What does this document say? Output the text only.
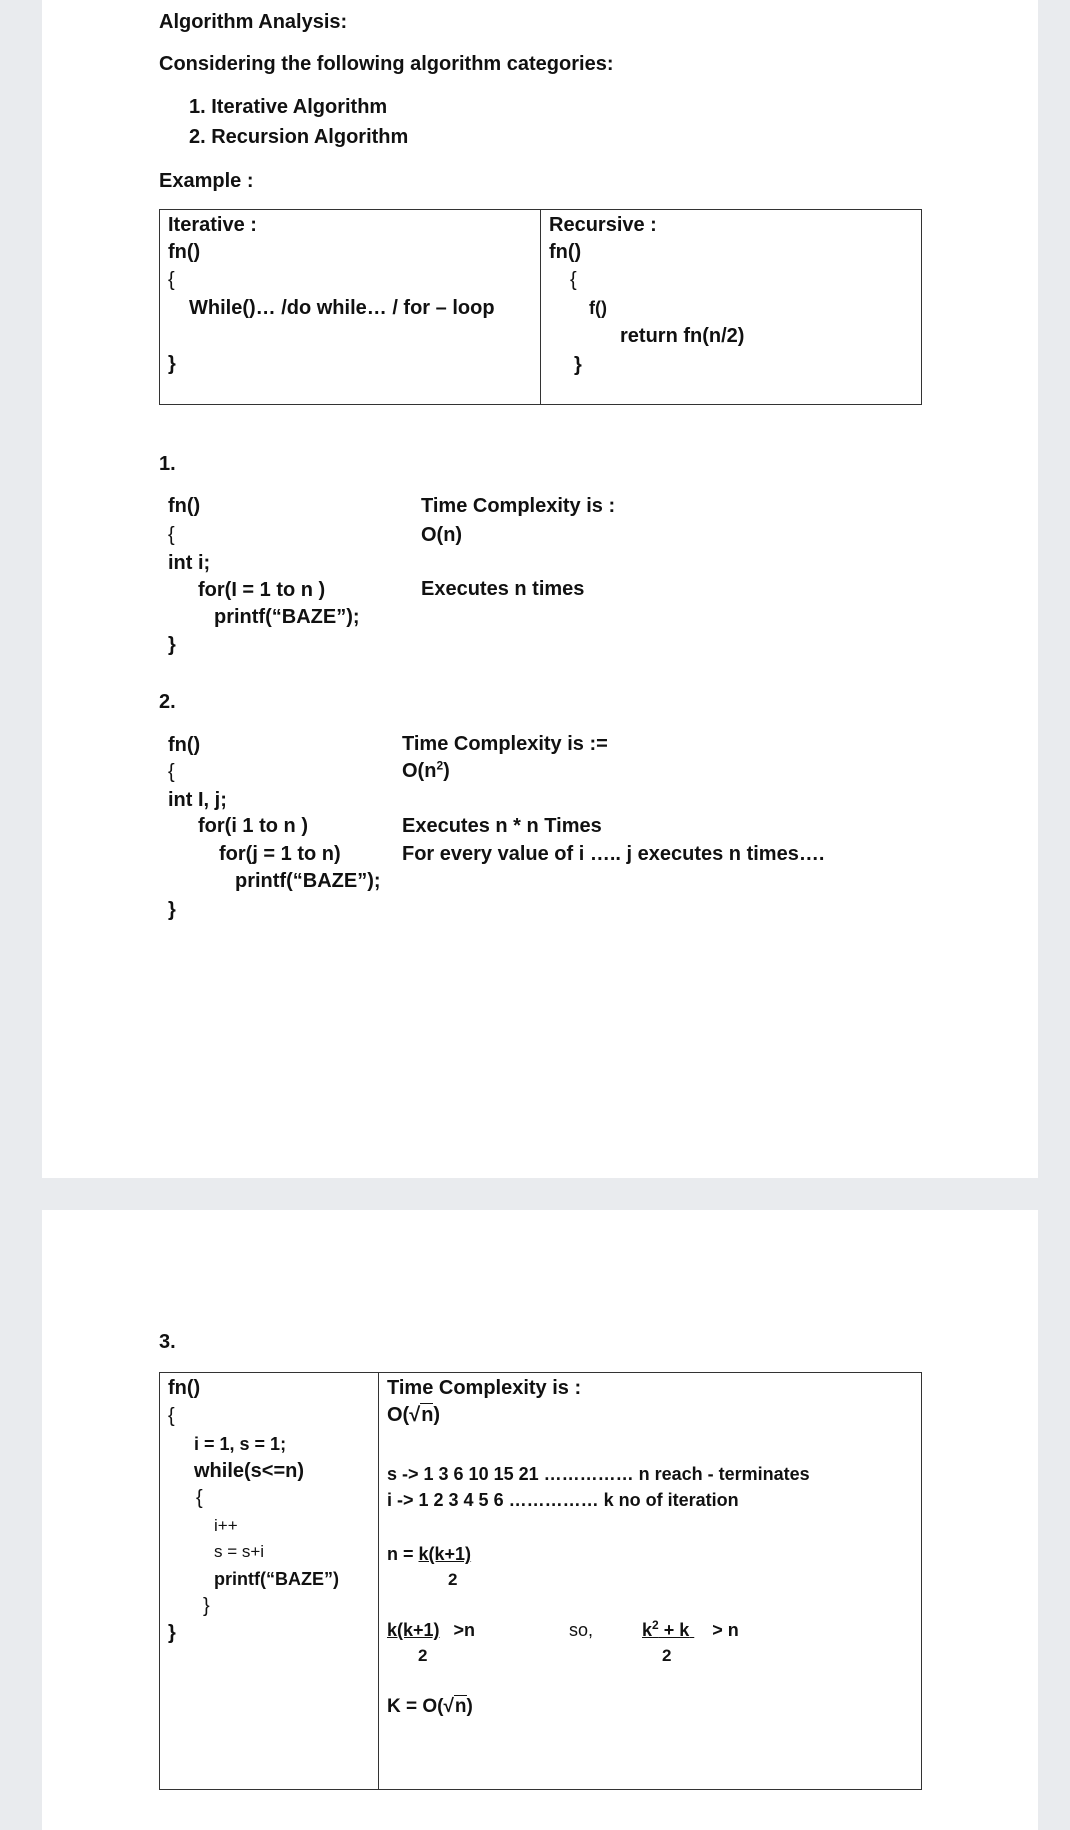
Algorithm Analysis:
Considering the following algorithm categories:
1. Iterative Algorithm
2. Recursion Algorithm
Example :
Iterative :
fn()
{
While()… /do while… / for – loop
}
Recursive :
fn()
{
f()
return fn(n/2)
}
1.
fn()
{
int i;
for(I = 1 to n )
printf(“BAZE”);
}
Time Complexity is :
O(n)
Executes n times
2.
fn()
{
int I, j;
for(i 1 to n )
for(j = 1 to n)
printf(“BAZE”);
}
Time Complexity is :=
$O(n^2)$
Executes n * n Times
For every value of i ….. j executes n times….
3.
fn()
{
i = 1, s = 1;
while(s<=n)
{
i++
s = s+i
printf(“BAZE”)
}
}
Time Complexity is :
O(√n)
s -> 1 3 6 10 15 21 …………… n reach - terminates
i -> 1 2 3 4 5 6 …………… k no of iteration
n = k(k+1)
2
k(k+1) >n
2
so,	$k^2 + k > n$
2
K = O(√n)
